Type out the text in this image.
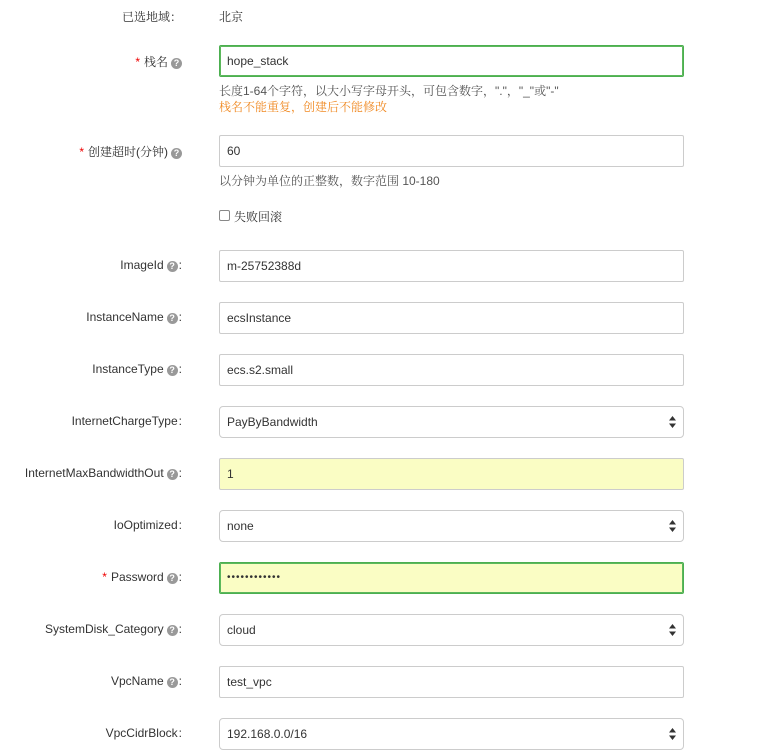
已选地域：	北京
* 栈名 ?	hope_stack
长度1-64个字符，以大小写字母开头，可包含数字，"."，"_"或"-"
栈名不能重复，创建后不能修改
* 创建超时(分钟) ?	60
以分钟为单位的正整数，数字范围 10-180
失败回滚
ImageId ? :	m-25752388d
InstanceName ? :	ecsInstance
InstanceType ? :	ecs.s2.small
InternetChargeType:	PayByBandwidth
InternetMaxBandwidthOut ? :	1
IoOptimized:	none
* Password ? :	••••••••••••
SystemDisk_Category ? :	cloud
VpcName ? :	test_vpc
VpcCidrBlock:	192.168.0.0/16
